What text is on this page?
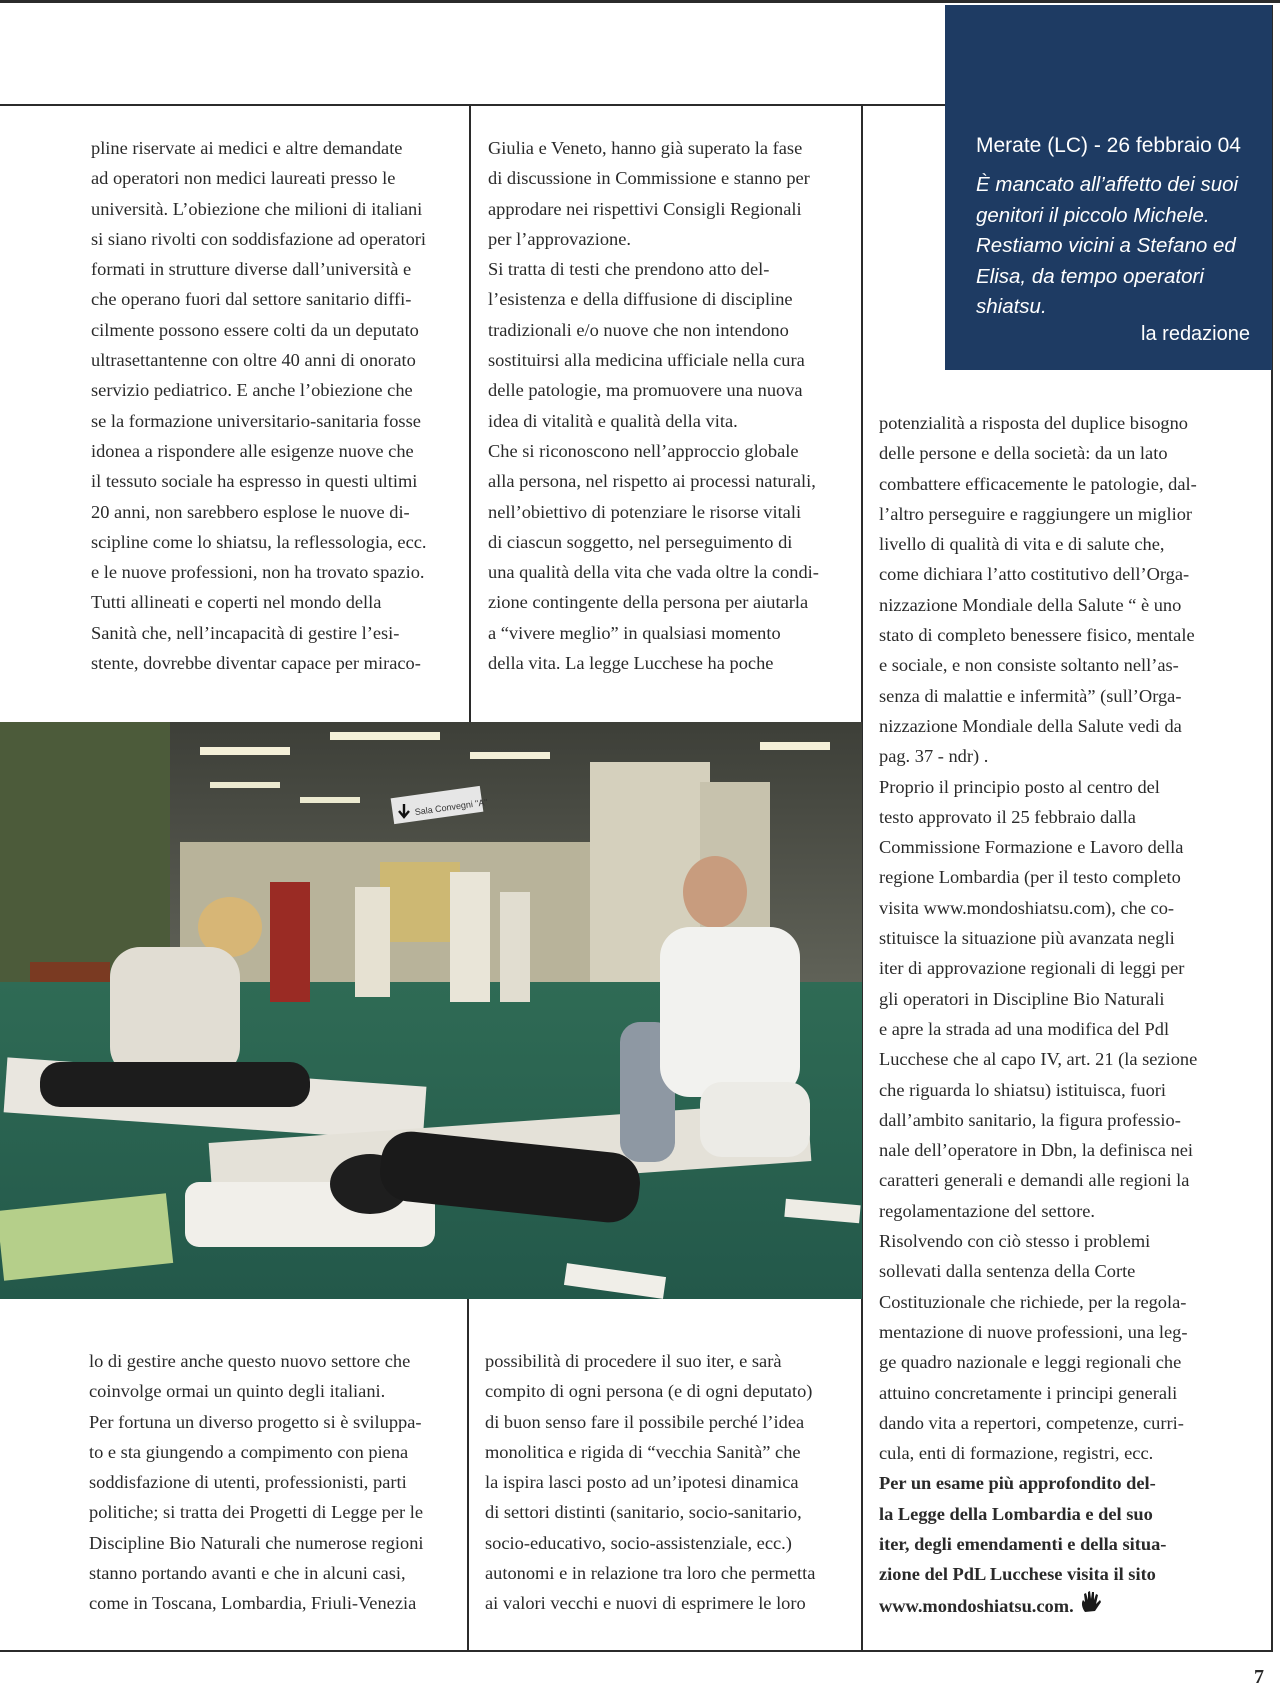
Merate (LC) - 26 febbraio 04
È mancato all’affetto dei suoi genitori il piccolo Michele. Restiamo vicini a Stefano ed Elisa, da tempo operatori shiatsu.
la redazione

pline riservate ai medici e altre demandate

ad operatori non medici laureati presso le

università. L’obiezione che milioni di italiani

si siano rivolti con soddisfazione ad operatori

formati in strutture diverse dall’università e

che operano fuori dal settore sanitario diffi-

cilmente possono essere colti da un deputato

ultrasettantenne con oltre 40 anni di onorato

servizio pediatrico. E anche l’obiezione che

se la formazione universitario-sanitaria fosse

idonea a rispondere alle esigenze nuove che

il tessuto sociale ha espresso in questi ultimi

20 anni, non sarebbero esplose le nuove di-

scipline come lo shiatsu, la reflessologia, ecc.

e le nuove professioni, non ha trovato spazio.

Tutti allineati e coperti nel mondo della

Sanità che, nell’incapacità di gestire l’esi-

stente, dovrebbe diventar capace per miraco-

Giulia e Veneto, hanno già superato la fase

di discussione in Commissione e stanno per

approdare nei rispettivi Consigli Regionali

per l’approvazione.

Si tratta di testi che prendono atto del-

l’esistenza e della diffusione di discipline

tradizionali e/o nuove che non intendono

sostituirsi alla medicina ufficiale nella cura

delle patologie, ma promuovere una nuova

idea di vitalità e qualità della vita.

Che si riconoscono nell’approccio globale

alla persona, nel rispetto ai processi naturali,

nell’obiettivo di potenziare le risorse vitali

di ciascun soggetto, nel perseguimento di

una qualità della vita che vada oltre la condi-

zione contingente della persona per aiutarla

a “vivere meglio” in qualsiasi momento

della vita. La legge Lucchese ha poche

potenzialità a risposta del duplice bisogno

delle persone e della società: da un lato

combattere efficacemente le patologie, dal-

l’altro perseguire e raggiungere un miglior

livello di qualità di vita e di salute che,

come dichiara l’atto costitutivo dell’Orga-

nizzazione Mondiale della Salute “ è uno

stato di completo benessere fisico, mentale

e sociale, e non consiste soltanto nell’as-

senza di malattie e infermità” (sull’Orga-

nizzazione Mondiale della Salute vedi da

pag. 37 - ndr) .

Proprio il principio posto al centro del

testo approvato il 25 febbraio dalla

Commissione Formazione e Lavoro della

regione Lombardia (per il testo completo

visita www.mondoshiatsu.com), che co-

stituisce la situazione più avanzata negli

iter di approvazione regionali di leggi per

gli operatori in Discipline Bio Naturali

e apre la strada ad una modifica del Pdl

Lucchese che al capo IV, art. 21 (la sezione

che riguarda lo shiatsu) istituisca, fuori

dall’ambito sanitario, la figura professio-

nale dell’operatore in Dbn, la definisca nei

caratteri generali e demandi alle regioni la

regolamentazione del settore.

Risolvendo con ciò stesso i problemi

sollevati dalla sentenza della Corte

Costituzionale che richiede, per la regola-

mentazione di nuove professioni, una leg-

ge quadro nazionale e leggi regionali che

attuino concretamente i principi generali

dando vita a repertori, competenze, curri-

cula, enti di formazione, registri, ecc.

Per un esame più approfondito del-

la Legge della Lombardia e del suo

iter, degli emendamenti e della situa-

zione del PdL Lucchese visita il sito

www.mondoshiatsu.com.

lo di gestire anche questo nuovo settore che

coinvolge ormai un quinto degli italiani.

Per fortuna un diverso progetto si è sviluppa-

to e sta giungendo a compimento con piena

soddisfazione di utenti, professionisti, parti

politiche; si tratta dei Progetti di Legge per le

Discipline Bio Naturali che numerose regioni

stanno portando avanti e che in alcuni casi,

come in Toscana, Lombardia, Friuli-Venezia

possibilità di procedere il suo iter, e sarà

compito di ogni persona (e di ogni deputato)

di buon senso fare il possibile perché l’idea

monolitica e rigida di “vecchia Sanità” che

la ispira lasci posto ad un’ipotesi dinamica

di settori distinti (sanitario, socio-sanitario,

socio-educativo, socio-assistenziale, ecc.)

autonomi e in relazione tra loro che permetta

ai valori vecchi e nuovi di esprimere le loro

Sala Convegni "A"
7
